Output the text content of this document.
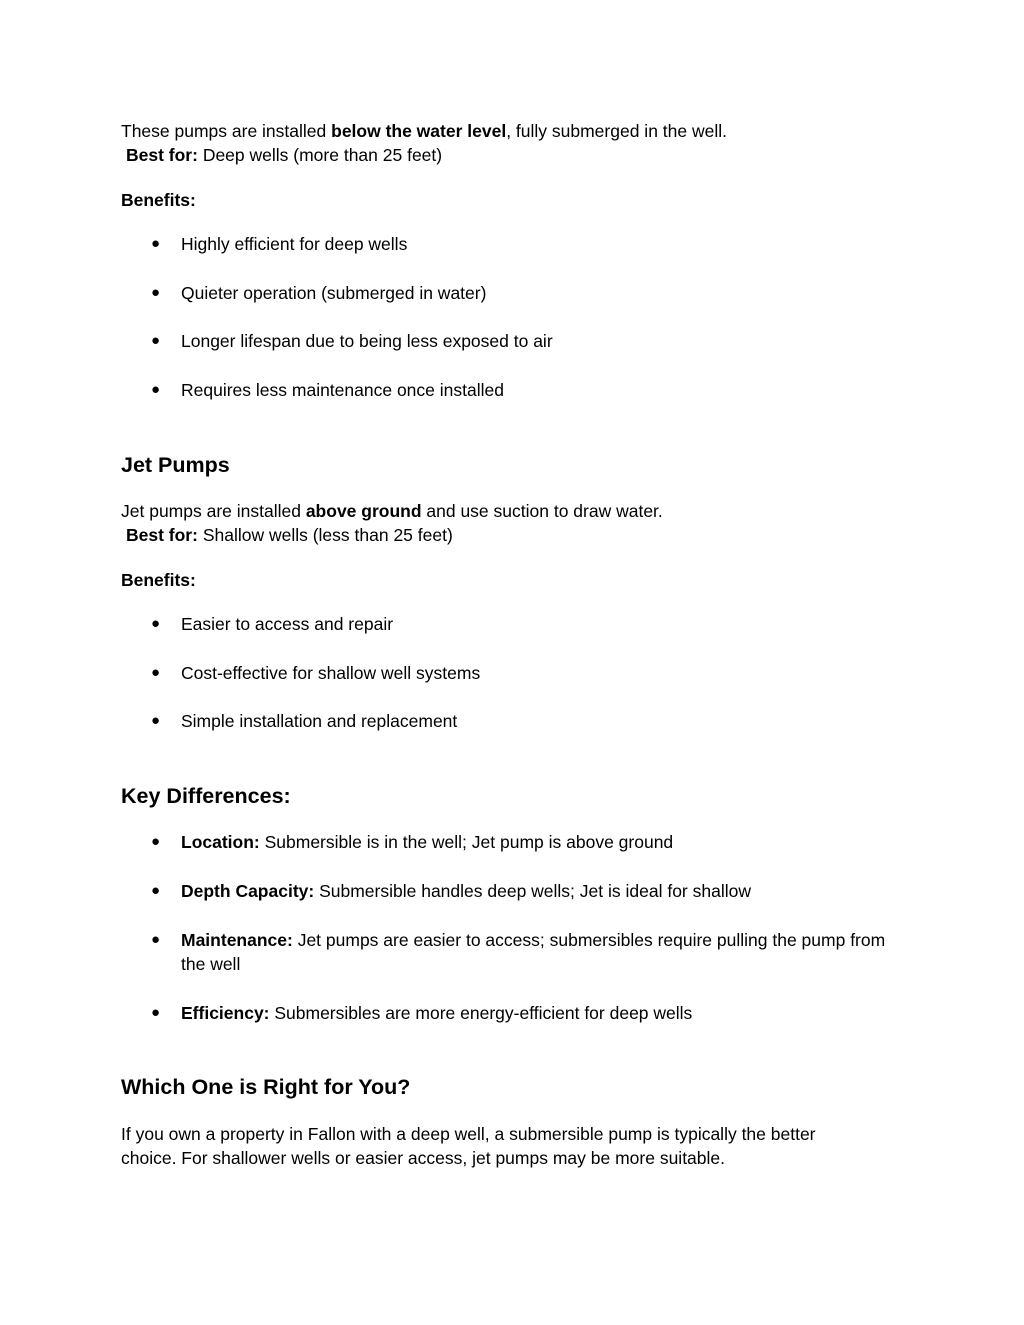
These pumps are installed below the water level, fully submerged in the well.

Best for: Deep wells (more than 25 feet)

Benefits:

● Highly efficient for deep wells
● Quieter operation (submerged in water)
● Longer lifespan due to being less exposed to air
● Requires less maintenance once installed
Jet Pumps

Jet pumps are installed above ground and use suction to draw water.

Best for: Shallow wells (less than 25 feet)

Benefits:

● Easier to access and repair
● Cost-effective for shallow well systems
● Simple installation and replacement
Key Differences:
● Location: Submersible is in the well; Jet pump is above ground
● Depth Capacity: Submersible handles deep wells; Jet is ideal for shallow
● Maintenance: Jet pumps are easier to access; submersibles require pulling the pump from the well
● Efficiency: Submersibles are more energy-efficient for deep wells
Which One is Right for You?

If you own a property in Fallon with a deep well, a submersible pump is typically the better choice. For shallower wells or easier access, jet pumps may be more suitable.
